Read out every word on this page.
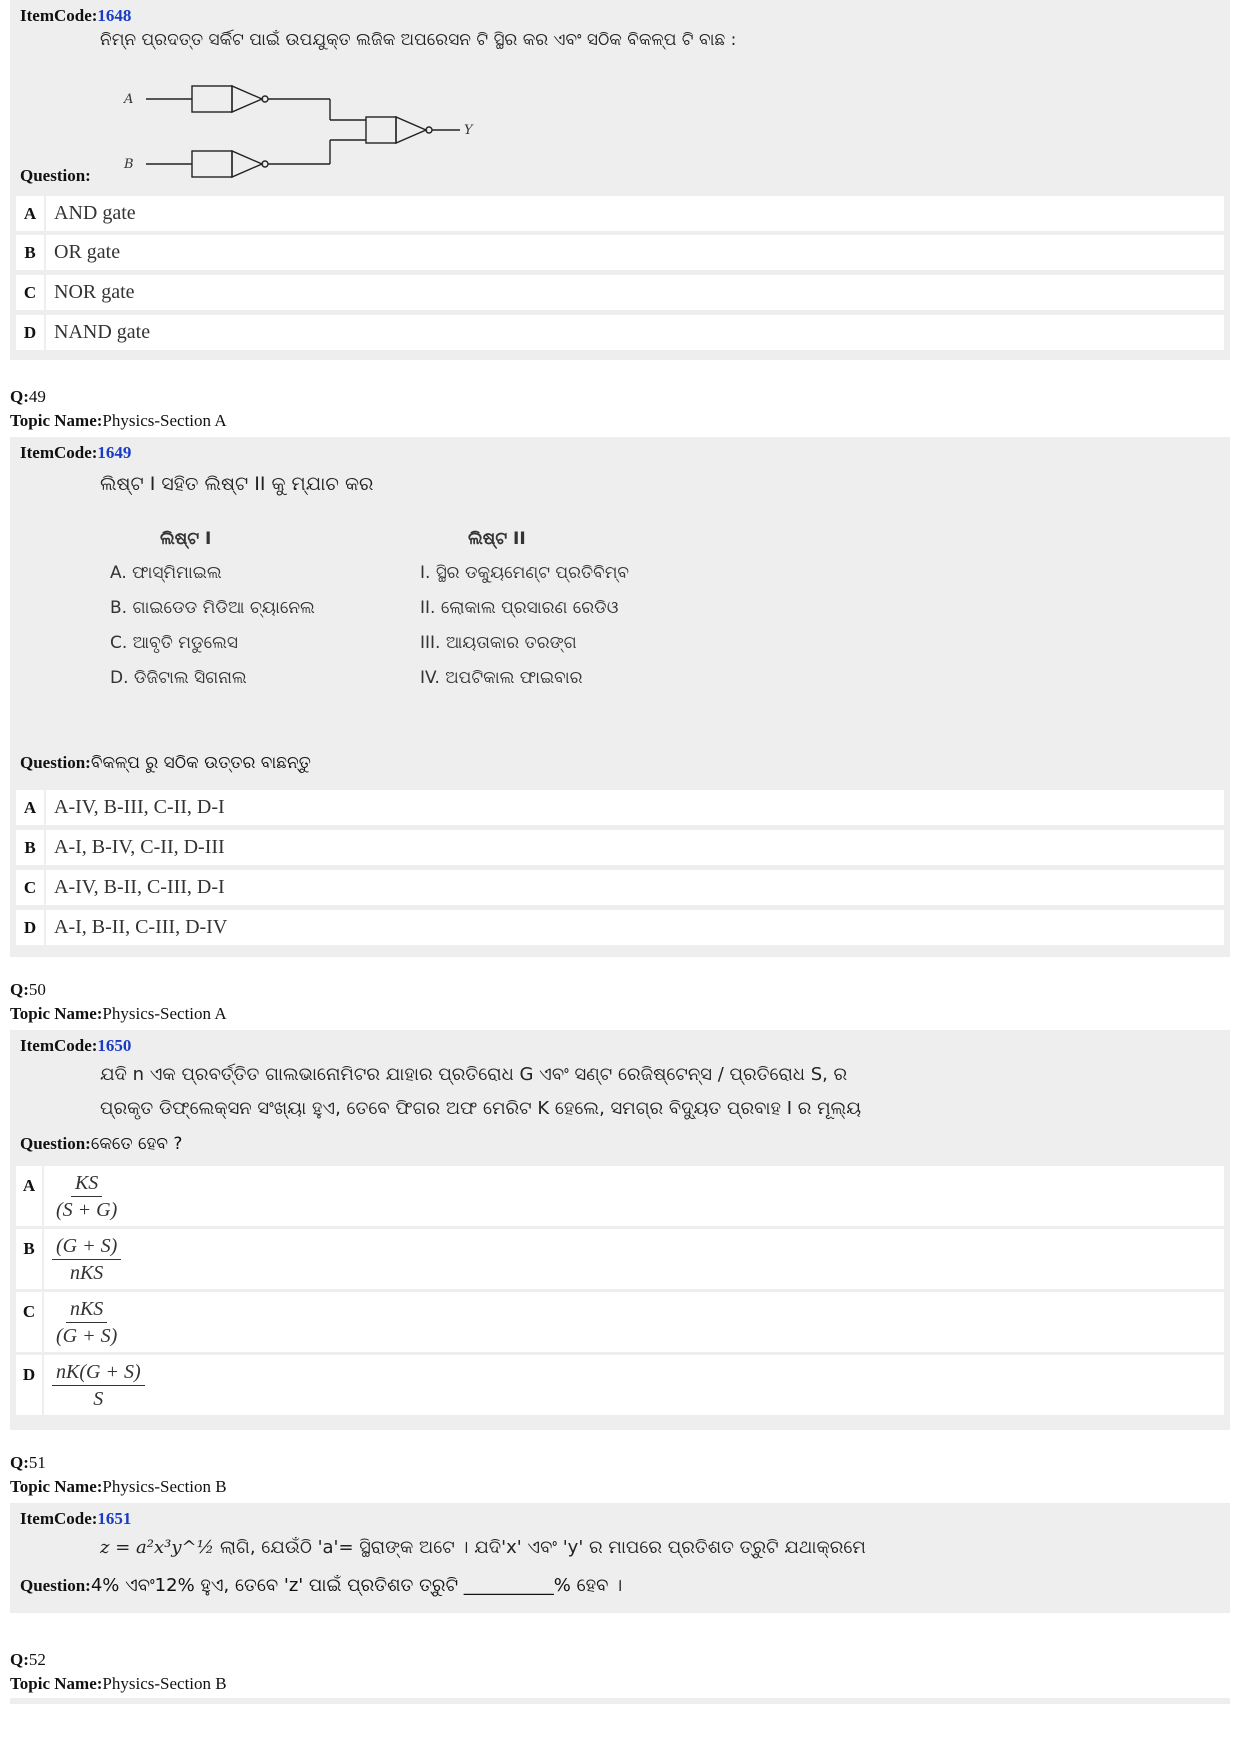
ItemCode:1648
ନିମ୍ନ ପ୍ରଦତ୍ତ ସର୍କିଟ ପାଇଁ ଉପଯୁକ୍ତ ଲଜିକ ଅପରେସନ ଟି ସ୍ଥିର କର ଏବଂ ସଠିକ ବିକଳ୍ପ ଟି ବାଛ :
A
B
Y
Question:
A AND gate
B OR gate
C NOR gate
D NAND gate
Q:49
Topic Name:Physics-Section A
ItemCode:1649
ଲିଷ୍ଟ I ସହିତ ଲିଷ୍ଟ II କୁ ମ୍ଯାଚ କର
ଲିଷ୍ଟ I
A. ଫାସ୍ମିମାଇଲ
B. ଗାଇଡେଡ ମିଡିଆ ଚ୍ୟାନେଲ
C. ଆବୃତି ମଡୁଲେସ
D. ଡିଜିଟାଲ ସିଗନାଲ
ଲିଷ୍ଟ II
I. ସ୍ଥିର ଡକ୍ୟୁମେଣ୍ଟ ପ୍ରତିବିମ୍ବ
II. ଲୋକାଲ ପ୍ରସାରଣ ରେଡିଓ
III. ଆୟତାକାର ତରଙ୍ଗ
IV. ଅପଟିକାଲ ଫାଇବାର
Question:ବିକଳ୍ପ ରୁ ସଠିକ ଉତ୍ତର ବାଛନ୍ତୁ
A A-IV, B-III, C-II, D-I
B A-I, B-IV, C-II, D-III
C A-IV, B-II, C-III, D-I
D A-I, B-II, C-III, D-IV
Q:50
Topic Name:Physics-Section A
ItemCode:1650
ଯଦି n ଏକ ପ୍ରବର୍ତ୍ତିତ ଗାଲଭାନୋମିଟର ଯାହାର ପ୍ରତିରୋଧ G ଏବଂ ସଣ୍ଟ ରେଜିଷ୍ଟେନ୍ସ / ପ୍ରତିରୋଧ S, ର
ପ୍ରକୃତ ଡିଫ୍ଲେକ୍ସନ ସଂଖ୍ୟା ହୁଏ, ତେବେ ଫିଗର ଅଫ ମେରିଟ K ହେଲେ, ସମଗ୍ର ବିଦ୍ୟୁତ ପ୍ରବାହ I ର ମୂଲ୍ୟ
Question:କେତେ ହେବ ?
A $\frac{KS}{(S + G)}$
B $\frac{(G + S)}{\text{nKS}}$
C $\frac{\text{nKS}}{(G + S)}$
D $\frac{nK(G + S)}{S}$
Q:51
Topic Name:Physics-Section B
ItemCode:1651
z = a²x³y^½ ଲାଗି, ଯେଉଁଠି 'a'= ସ୍ଥିରାଙ୍କ ଅଟେ । ଯଦି'x' ଏବଂ 'y' ର ମାପରେ ପ୍ରତିଶତ ତ୍ରୁଟି ଯଥାକ୍ରମେ
Question:4% ଏବଂ12% ହୁଏ, ତେବେ 'z' ପାଇଁ ପ୍ରତିଶତ ତ୍ରୁଟି __________% ହେବ ।
Q:52
Topic Name:Physics-Section B
